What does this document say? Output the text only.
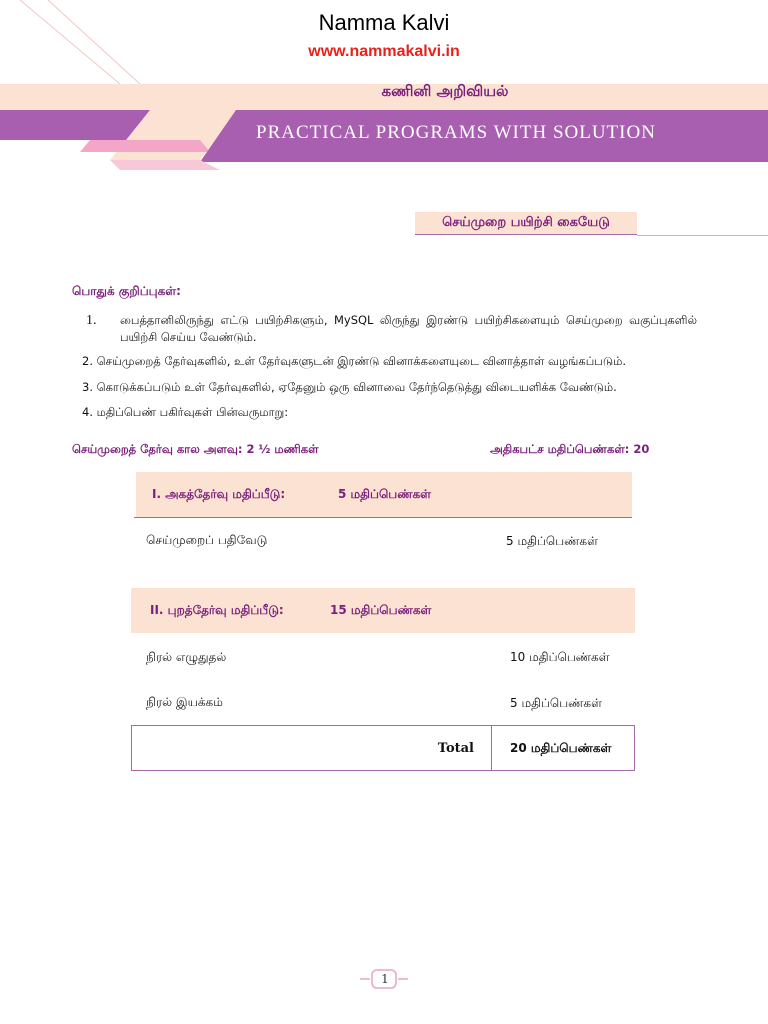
Namma Kalvi
www.nammakalvi.in
கணினி அறிவியல்
PRACTICAL PROGRAMS WITH SOLUTION
செய்முறை பயிற்சி கையேடு
பொதுக் குறிப்புகள்:
1. பைத்தானிலிருந்து எட்டு பயிற்சிகளும், MySQL லிருந்து இரண்டு பயிற்சிகளையும் செய்முறை வகுப்புகளில் பயிற்சி செய்ய வேண்டும்.
2. செய்முறைத் தேர்வுகளில், உள் தேர்வுகளுடன் இரண்டு வினாக்களையுடை வினாத்தாள் வழங்கப்படும்.
3. கொடுக்கப்படும் உள் தேர்வுகளில், ஏதேனும் ஒரு வினாவை தேர்ந்தெடுத்து விடையளிக்க வேண்டும்.
4. மதிப்பெண் பகிர்வுகள் பின்வருமாறு:
செய்முறைத் தேர்வு கால அளவு: 2 ½ மணிகள்	அதிகபட்ச மதிப்பெண்கள்: 20
I. அகத்தேர்வு மதிப்பீடு:	5 மதிப்பெண்கள்
செய்முறைப் பதிவேடு	5 மதிப்பெண்கள்
II. புறத்தேர்வு மதிப்பீடு:	15 மதிப்பெண்கள்
நிரல் எழுதுதல்	10 மதிப்பெண்கள்
நிரல் இயக்கம்	5 மதிப்பெண்கள்
Total	20 மதிப்பெண்கள்
1
